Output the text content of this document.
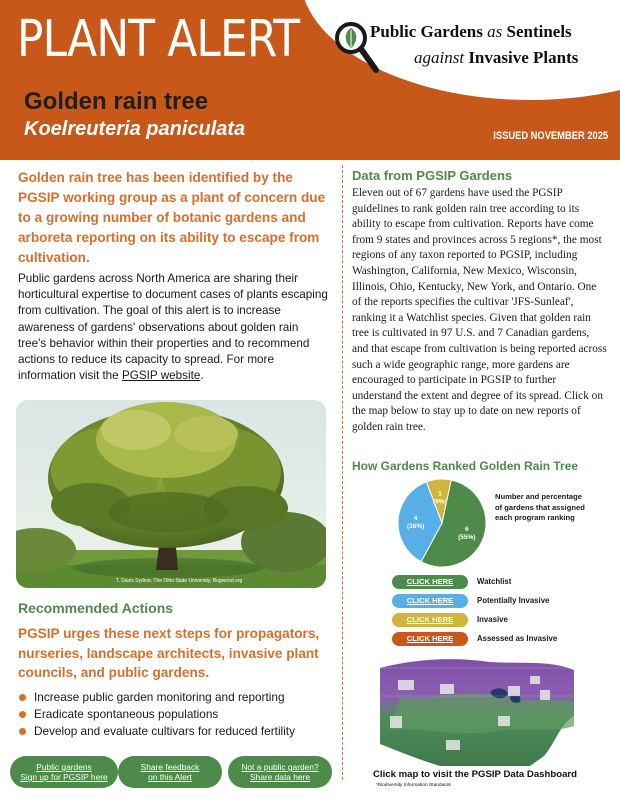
PLANT ALERT
Golden rain tree
Koelreuteria paniculata	ISSUED NOVEMBER 2025
Public Gardens as Sentinels
against Invasive Plants
Golden rain tree has been identified by the PGSIP working group as a plant of concern due to a growing number of botanic gardens and arboreta reporting on its ability to escape from cultivation.
Public gardens across North America are sharing their horticultural expertise to document cases of plants escaping from cultivation. The goal of this alert is to increase awareness of gardens' observations about golden rain tree's behavior within their properties and to recommend actions to reduce its capacity to spread. For more information visit the PGSIP website.
T. Davis Sydnor, The Ohio State University, Bugwood.org
Recommended Actions
PGSIP urges these next steps for propagators, nurseries, landscape architects, invasive plant councils, and public gardens.
Increase public garden monitoring and reporting
Eradicate spontaneous populations
Develop and evaluate cultivars for reduced fertility
Public gardens
Sign up for PGSIP here
Share feedback
on this Alert
Not a public garden?
Share data here
Data from PGSIP Gardens
Eleven out of 67 gardens have used the PGSIP guidelines to rank golden rain tree according to its ability to escape from cultivation. Reports have come from 9 states and provinces across 5 regions*, the most regions of any taxon reported to PGSIP, including Washington, California, New Mexico, Wisconsin, Illinois, Ohio, Kentucky, New York, and Ontario. One of the reports specifies the cultivar 'JFS-Sunleaf', ranking it a Watchlist species. Given that golden rain tree is cultivated in 97 U.S. and 7 Canadian gardens, and that escape from cultivation is being reported across such a wide geographic range, more gardens are encouraged to participate in PGSIP to further understand the extent and degree of its spread. Click on the map below to stay up to date on new reports of golden rain tree.
How Gardens Ranked Golden Rain Tree
6
(55%)
4
(36%)
1
(9%)
Number and percentage of gardens that assigned each program ranking
CLICK HERE	Watchlist
CLICK HERE	Potentially Invasive
CLICK HERE	Invasive
CLICK HERE	Assessed as Invasive
Click map to visit the PGSIP Data Dashboard
*Biodiversity Information Standards
